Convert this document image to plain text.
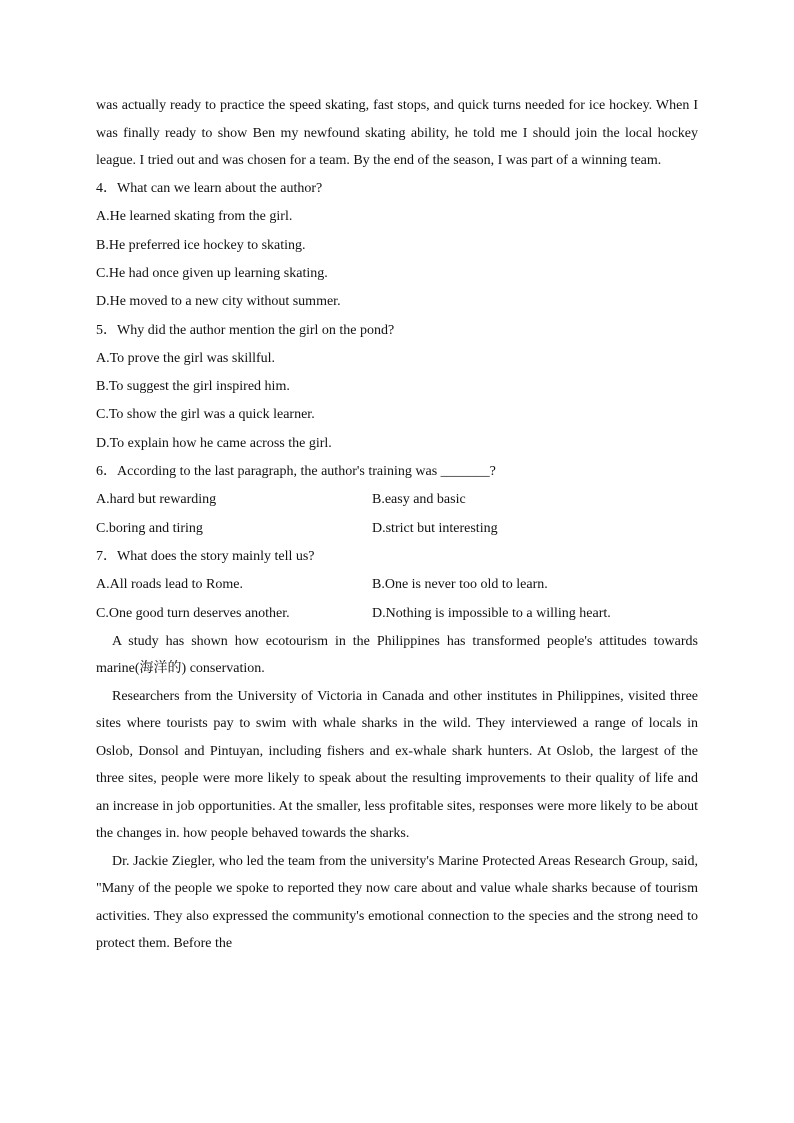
was actually ready to practice the speed skating, fast stops, and quick turns needed for ice hockey. When I was finally ready to show Ben my newfound skating ability, he told me I should join the local hockey league. I tried out and was chosen for a team. By the end of the season, I was part of a winning team.

4．What can we learn about the author?

A.He learned skating from the girl.

B.He preferred ice hockey to skating.

C.He had once given up learning skating.

D.He moved to a new city without summer.

5．Why did the author mention the girl on the pond?

A.To prove the girl was skillful.

B.To suggest the girl inspired him.

C.To show the girl was a quick learner.

D.To explain how he came across the girl.

6．According to the last paragraph, the author's training was _______?

A.hard but rewarding	B.easy and basic
C.boring and tiring	D.strict but interesting

7．What does the story mainly tell us?

A.All roads lead to Rome.	B.One is never too old to learn.
C.One good turn deserves another.	D.Nothing is impossible to a willing heart.

A study has shown how ecotourism in the Philippines has transformed people's attitudes towards marine(海洋的) conservation.

Researchers from the University of Victoria in Canada and other institutes in Philippines, visited three sites where tourists pay to swim with whale sharks in the wild. They interviewed a range of locals in Oslob, Donsol and Pintuyan, including fishers and ex-whale shark hunters. At Oslob, the largest of the three sites, people were more likely to speak about the resulting improvements to their quality of life and an increase in job opportunities. At the smaller, less profitable sites, responses were more likely to be about the changes in. how people behaved towards the sharks.

Dr. Jackie Ziegler, who led the team from the university's Marine Protected Areas Research Group, said, "Many of the people we spoke to reported they now care about and value whale sharks because of tourism activities. They also expressed the community's emotional connection to the species and the strong need to protect them. Before the
